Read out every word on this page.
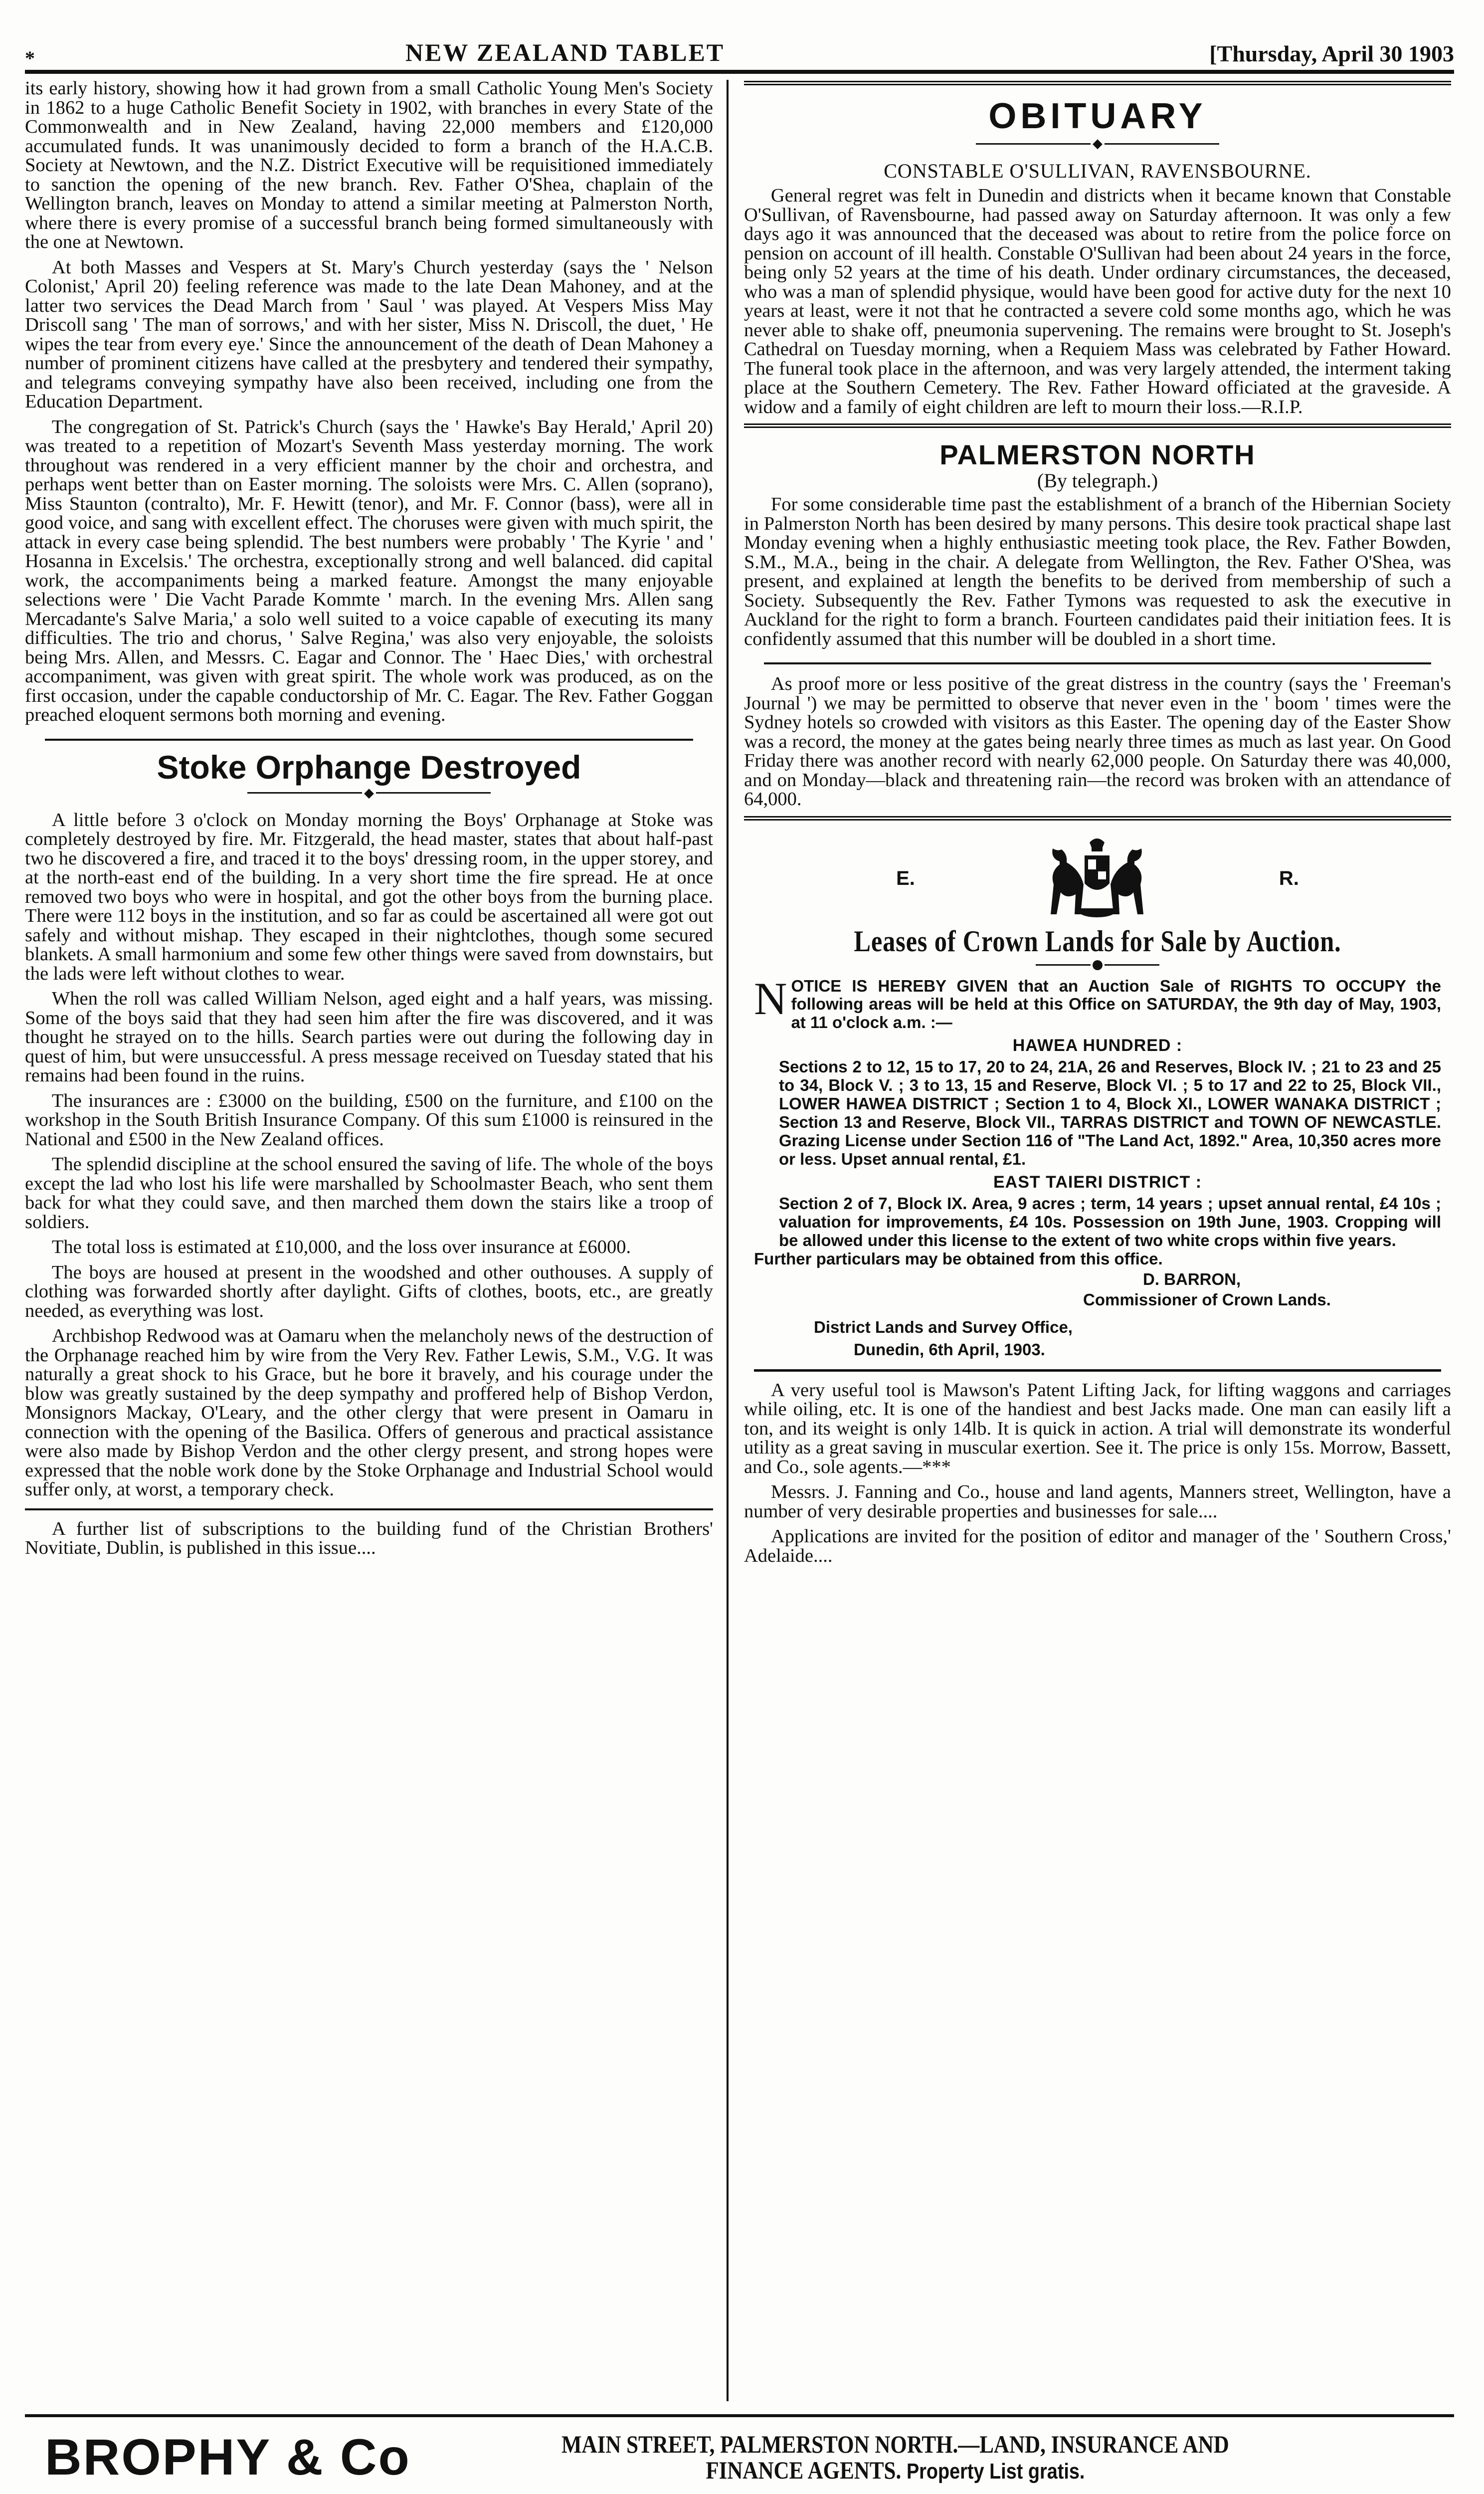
*	NEW ZEALAND TABLET	[Thursday, April 30 1903

its early history, showing how it had grown from a small Catholic Young Men's Society in 1862 to a huge Catholic Benefit Society in 1902, with branches in every State of the Commonwealth and in New Zealand, having 22,000 members and £120,000 accumulated funds. It was unanimously decided to form a branch of the H.A.C.B. Society at Newtown, and the N.Z. District Executive will be requisitioned immediately to sanction the opening of the new branch. Rev. Father O'Shea, chaplain of the Wellington branch, leaves on Monday to attend a similar meeting at Palmerston North, where there is every promise of a successful branch being formed simultaneously with the one at Newtown.

At both Masses and Vespers at St. Mary's Church yesterday (says the ' Nelson Colonist,' April 20) feeling reference was made to the late Dean Mahoney, and at the latter two services the Dead March from ' Saul ' was played. At Vespers Miss May Driscoll sang ' The man of sorrows,' and with her sister, Miss N. Driscoll, the duet, ' He wipes the tear from every eye.' Since the announcement of the death of Dean Mahoney a number of prominent citizens have called at the presbytery and tendered their sympathy, and telegrams conveying sympathy have also been received, including one from the Education Department.

The congregation of St. Patrick's Church (says the ' Hawke's Bay Herald,' April 20) was treated to a repetition of Mozart's Seventh Mass yesterday morning. The work throughout was rendered in a very efficient manner by the choir and orchestra, and perhaps went better than on Easter morning. The soloists were Mrs. C. Allen (soprano), Miss Staunton (contralto), Mr. F. Hewitt (tenor), and Mr. F. Connor (bass), were all in good voice, and sang with excellent effect. The choruses were given with much spirit, the attack in every case being splendid. The best numbers were probably ' The Kyrie ' and ' Hosanna in Excelsis.' The orchestra, exceptionally strong and well balanced. did capital work, the accompaniments being a marked feature. Amongst the many enjoyable selections were ' Die Vacht Parade Kommte ' march. In the evening Mrs. Allen sang Mercadante's Salve Maria,' a solo well suited to a voice capable of executing its many difficulties. The trio and chorus, ' Salve Regina,' was also very enjoyable, the soloists being Mrs. Allen, and Messrs. C. Eagar and Connor. The ' Haec Dies,' with orchestral accompaniment, was given with great spirit. The whole work was produced, as on the first occasion, under the capable conductorship of Mr. C. Eagar. The Rev. Father Goggan preached eloquent sermons both morning and evening.

Stoke Orphange Destroyed
◆

A little before 3 o'clock on Monday morning the Boys' Orphanage at Stoke was completely destroyed by fire. Mr. Fitzgerald, the head master, states that about half-past two he discovered a fire, and traced it to the boys' dressing room, in the upper storey, and at the north-east end of the building. In a very short time the fire spread. He at once removed two boys who were in hospital, and got the other boys from the burning place. There were 112 boys in the institution, and so far as could be ascertained all were got out safely and without mishap. They escaped in their nightclothes, though some secured blankets. A small harmonium and some few other things were saved from downstairs, but the lads were left without clothes to wear.

When the roll was called William Nelson, aged eight and a half years, was missing. Some of the boys said that they had seen him after the fire was discovered, and it was thought he strayed on to the hills. Search parties were out during the following day in quest of him, but were unsuccessful. A press message received on Tuesday stated that his remains had been found in the ruins.

The insurances are : £3000 on the building, £500 on the furniture, and £100 on the workshop in the South British Insurance Company. Of this sum £1000 is reinsured in the National and £500 in the New Zealand offices.

The splendid discipline at the school ensured the saving of life. The whole of the boys except the lad who lost his life were marshalled by Schoolmaster Beach, who sent them back for what they could save, and then marched them down the stairs like a troop of soldiers.

The total loss is estimated at £10,000, and the loss over insurance at £6000.

The boys are housed at present in the woodshed and other outhouses. A supply of clothing was forwarded shortly after daylight. Gifts of clothes, boots, etc., are greatly needed, as everything was lost.

Archbishop Redwood was at Oamaru when the melancholy news of the destruction of the Orphanage reached him by wire from the Very Rev. Father Lewis, S.M., V.G. It was naturally a great shock to his Grace, but he bore it bravely, and his courage under the blow was greatly sustained by the deep sympathy and proffered help of Bishop Verdon, Monsignors Mackay, O'Leary, and the other clergy that were present in Oamaru in connection with the opening of the Basilica. Offers of generous and practical assistance were also made by Bishop Verdon and the other clergy present, and strong hopes were expressed that the noble work done by the Stoke Orphanage and Industrial School would suffer only, at worst, a temporary check.

A further list of subscriptions to the building fund of the Christian Brothers' Novitiate, Dublin, is published in this issue....

OBITUARY
◆
CONSTABLE O'SULLIVAN, RAVENSBOURNE.

General regret was felt in Dunedin and districts when it became known that Constable O'Sullivan, of Ravensbourne, had passed away on Saturday afternoon. It was only a few days ago it was announced that the deceased was about to retire from the police force on pension on account of ill health. Constable O'Sullivan had been about 24 years in the force, being only 52 years at the time of his death. Under ordinary circumstances, the deceased, who was a man of splendid physique, would have been good for active duty for the next 10 years at least, were it not that he contracted a severe cold some months ago, which he was never able to shake off, pneumonia supervening. The remains were brought to St. Joseph's Cathedral on Tuesday morning, when a Requiem Mass was celebrated by Father Howard. The funeral took place in the afternoon, and was very largely attended, the interment taking place at the Southern Cemetery. The Rev. Father Howard officiated at the graveside. A widow and a family of eight children are left to mourn their loss.—R.I.P.

PALMERSTON NORTH
(By telegraph.)

For some considerable time past the establishment of a branch of the Hibernian Society in Palmerston North has been desired by many persons. This desire took practical shape last Monday evening when a highly enthusiastic meeting took place, the Rev. Father Bowden, S.M., M.A., being in the chair. A delegate from Wellington, the Rev. Father O'Shea, was present, and explained at length the benefits to be derived from membership of such a Society. Subsequently the Rev. Father Tymons was requested to ask the executive in Auckland for the right to form a branch. Fourteen candidates paid their initiation fees. It is confidently assumed that this number will be doubled in a short time.

As proof more or less positive of the great distress in the country (says the ' Freeman's Journal ') we may be permitted to observe that never even in the ' boom ' times were the Sydney hotels so crowded with visitors as this Easter. The opening day of the Easter Show was a record, the money at the gates being nearly three times as much as last year. On Good Friday there was another record with nearly 62,000 people. On Saturday there was 40,000, and on Monday—black and threatening rain—the record was broken with an attendance of 64,000.

E.	R.
Leases of Crown Lands for Sale by Auction.
N OTICE IS HEREBY GIVEN that an Auction Sale of RIGHTS TO OCCUPY the following areas will be held at this Office on SATURDAY, the 9th day of May, 1903, at 11 o'clock a.m. :—
HAWEA HUNDRED :
Sections 2 to 12, 15 to 17, 20 to 24, 21A, 26 and Reserves, Block IV. ; 21 to 23 and 25 to 34, Block V. ; 3 to 13, 15 and Reserve, Block VI. ; 5 to 17 and 22 to 25, Block VII., LOWER HAWEA DISTRICT ; Section 1 to 4, Block XI., LOWER WANAKA DISTRICT ; Section 13 and Reserve, Block VII., TARRAS DISTRICT and TOWN OF NEWCASTLE. Grazing License under Section 116 of "The Land Act, 1892." Area, 10,350 acres more or less. Upset annual rental, £1.
EAST TAIERI DISTRICT :
Section 2 of 7, Block IX. Area, 9 acres ; term, 14 years ; upset annual rental, £4 10s ; valuation for improvements, £4 10s. Possession on 19th June, 1903. Cropping will be allowed under this license to the extent of two white crops within five years.
Further particulars may be obtained from this office.
D. BARRON,
Commissioner of Crown Lands.
District Lands and Survey Office,
Dunedin, 6th April, 1903.

A very useful tool is Mawson's Patent Lifting Jack, for lifting waggons and carriages while oiling, etc. It is one of the handiest and best Jacks made. One man can easily lift a ton, and its weight is only 14lb. It is quick in action. A trial will demonstrate its wonderful utility as a great saving in muscular exertion. See it. The price is only 15s. Morrow, Bassett, and Co., sole agents.—***

Messrs. J. Fanning and Co., house and land agents, Manners street, Wellington, have a number of very desirable properties and businesses for sale....

Applications are invited for the position of editor and manager of the ' Southern Cross,' Adelaide....

BROPHY & Co	MAIN STREET, PALMERSTON NORTH.—LAND, INSURANCE AND
FINANCE AGENTS. Property List gratis.
